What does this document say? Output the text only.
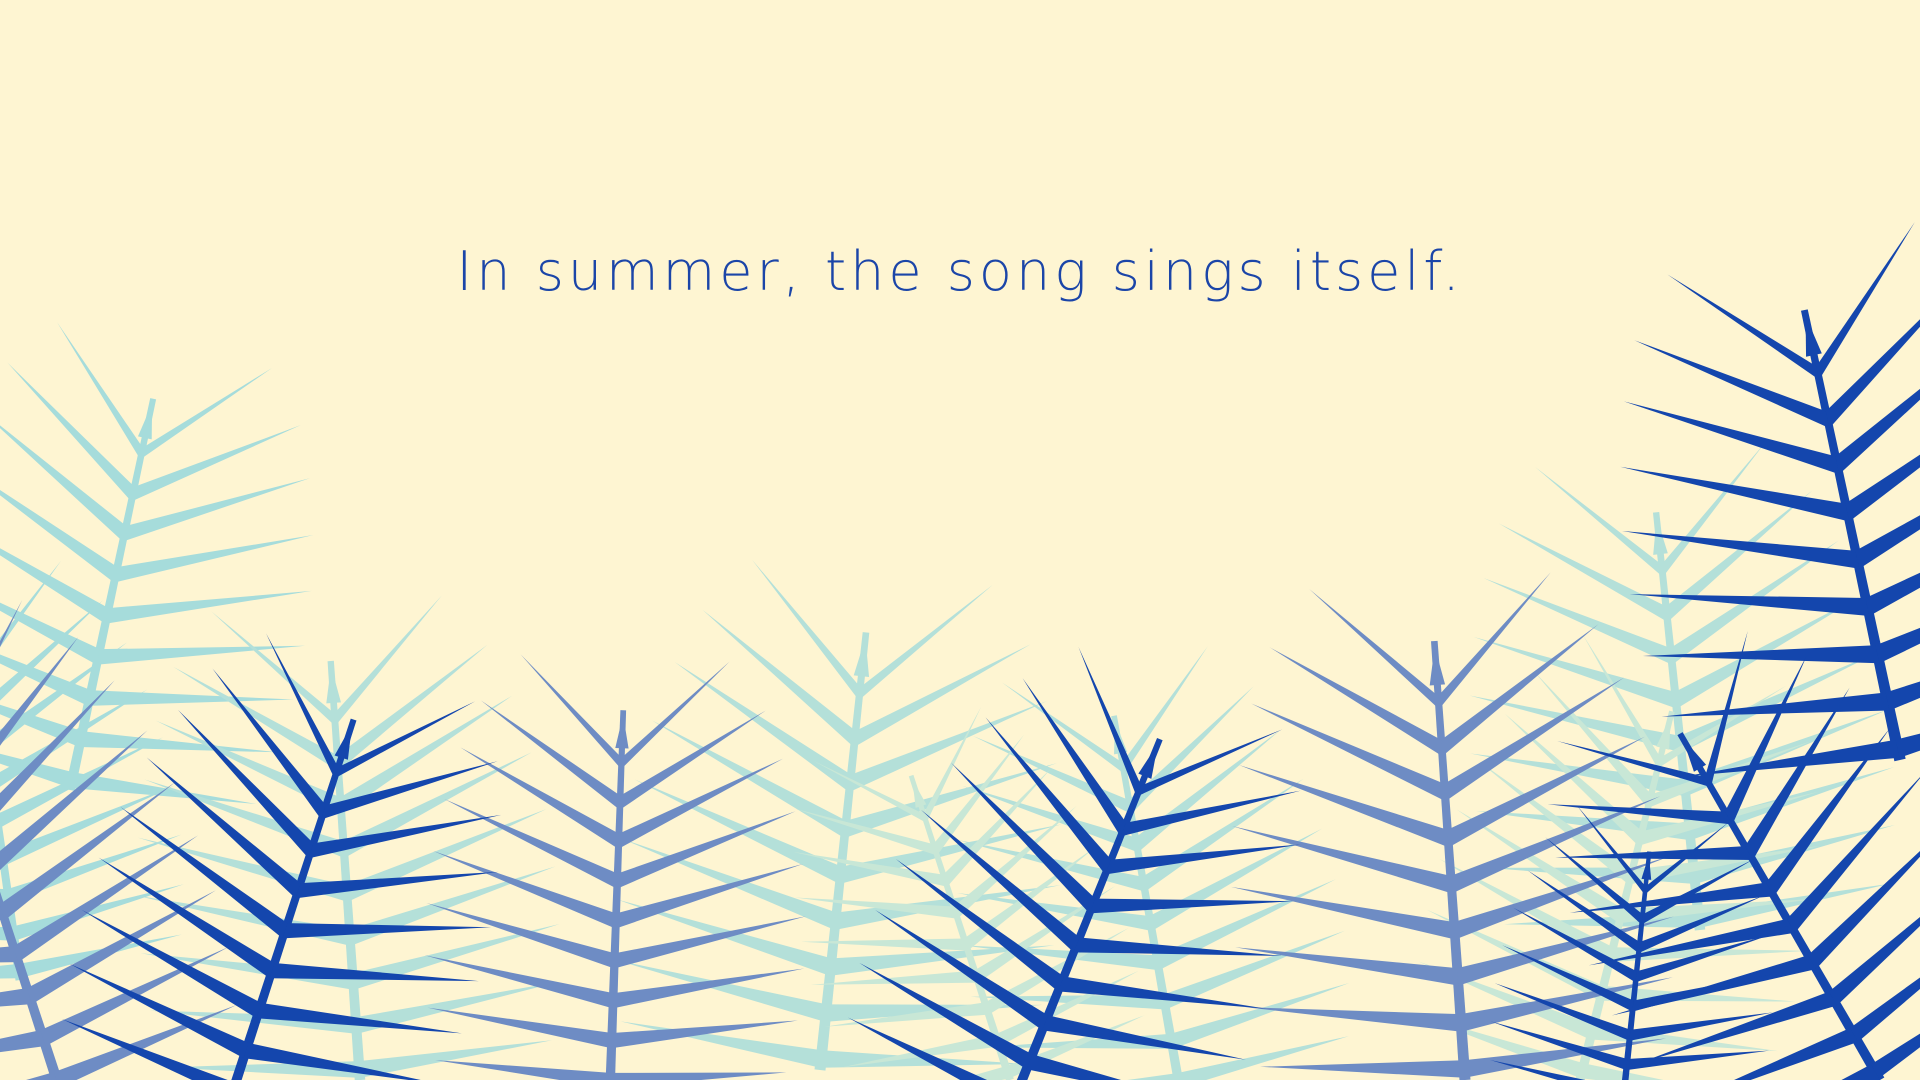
In summer, the song sings itself.
